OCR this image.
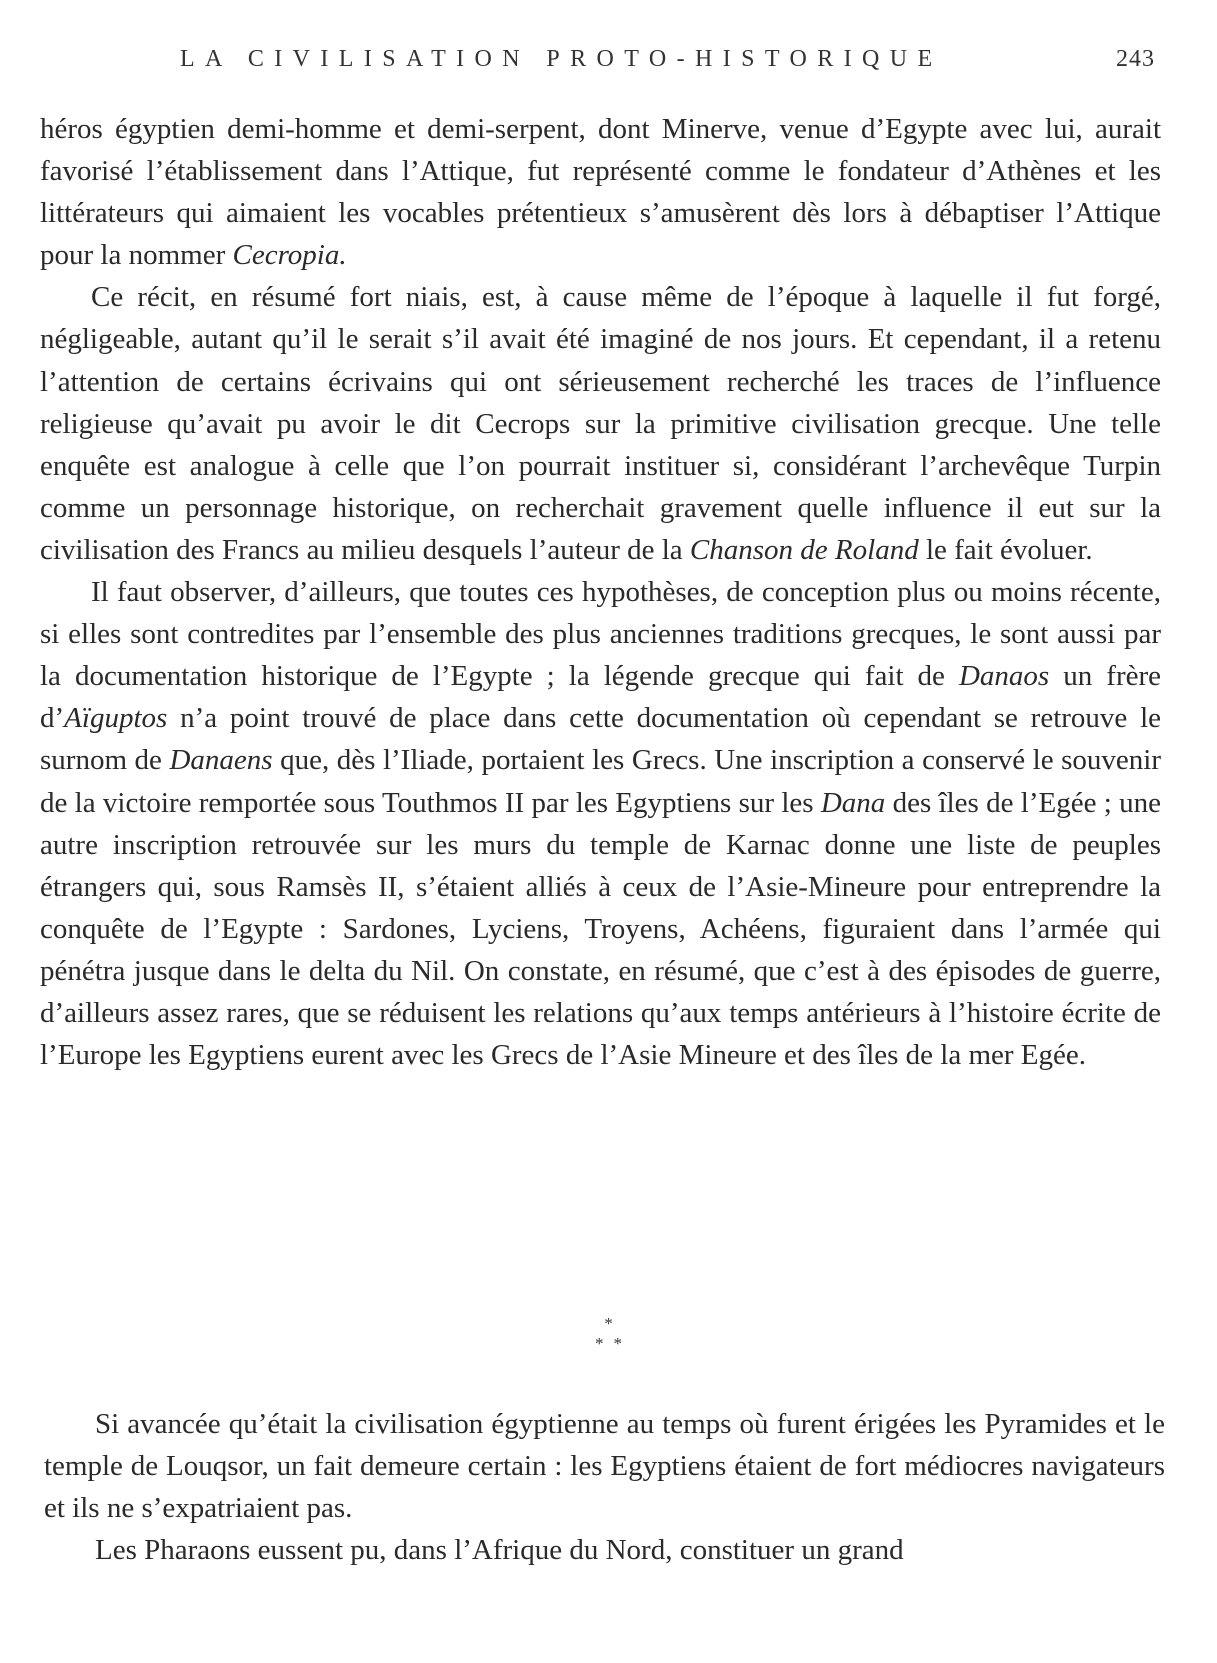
LA CIVILISATION PROTO-HISTORIQUE	243

héros égyptien demi-homme et demi-serpent, dont Minerve, venue d’Egypte avec lui, aurait favorisé l’établissement dans l’Attique, fut représenté comme le fondateur d’Athènes et les littérateurs qui aimaient les vocables prétentieux s’amusèrent dès lors à débaptiser l’Attique pour la nommer Cecropia.

Ce récit, en résumé fort niais, est, à cause même de l’époque à laquelle il fut forgé, négligeable, autant qu’il le serait s’il avait été imaginé de nos jours. Et cependant, il a retenu l’attention de certains écrivains qui ont sérieusement recherché les traces de l’influence religieuse qu’avait pu avoir le dit Cecrops sur la primitive civilisation grecque. Une telle enquête est analogue à celle que l’on pourrait instituer si, considérant l’archevêque Turpin comme un personnage historique, on recherchait gravement quelle influence il eut sur la civilisation des Francs au milieu desquels l’auteur de la Chanson de Roland le fait évoluer.

Il faut observer, d’ailleurs, que toutes ces hypothèses, de conception plus ou moins récente, si elles sont contredites par l’ensemble des plus anciennes traditions grecques, le sont aussi par la documentation historique de l’Egypte ; la légende grecque qui fait de Danaos un frère d’Aïguptos n’a point trouvé de place dans cette documentation où cependant se retrouve le surnom de Danaens que, dès l’Iliade, portaient les Grecs. Une inscription a conservé le souvenir de la victoire remportée sous Touthmos II par les Egyptiens sur les Dana des îles de l’Egée ; une autre inscription retrouvée sur les murs du temple de Karnac donne une liste de peuples étrangers qui, sous Ramsès II, s’étaient alliés à ceux de l’Asie-Mineure pour entreprendre la conquête de l’Egypte : Sardones, Lyciens, Troyens, Achéens, figuraient dans l’armée qui pénétra jusque dans le delta du Nil. On constate, en résumé, que c’est à des épisodes de guerre, d’ailleurs assez rares, que se réduisent les relations qu’aux temps antérieurs à l’histoire écrite de l’Europe les Egyptiens eurent avec les Grecs de l’Asie Mineure et des îles de la mer Egée.

*
**

Si avancée qu’était la civilisation égyptienne au temps où furent érigées les Pyramides et le temple de Louqsor, un fait demeure certain : les Egyptiens étaient de fort médiocres navigateurs et ils ne s’expatriaient pas.

Les Pharaons eussent pu, dans l’Afrique du Nord, constituer un grand
